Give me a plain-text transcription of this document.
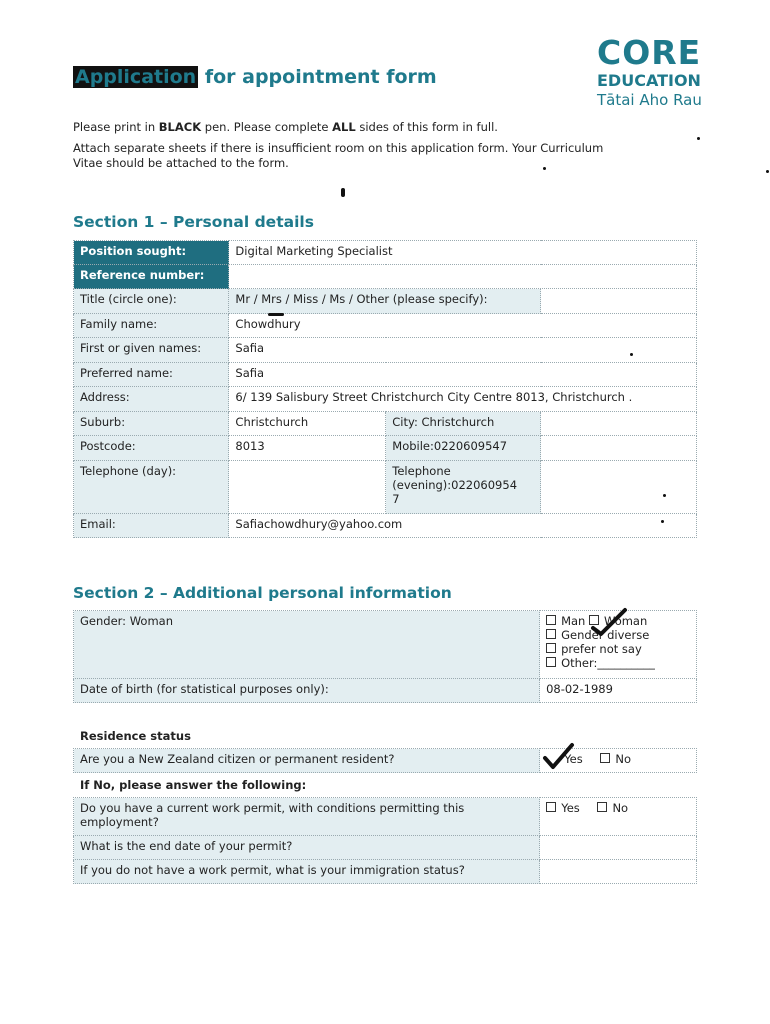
Application for appointment form
CORE
EDUCATION
Tātai Aho Rau
Please print in BLACK pen. Please complete ALL sides of this form in full.
Attach separate sheets if there is insufficient room on this application form. Your Curriculum
Vitae should be attached to the form.
Section 1 – Personal details
Position sought:	Digital Marketing Specialist		
Reference number:			
Title (circle one):	Mr / Mrs / Miss / Ms / Other (please specify):		
Family name:	Chowdhury		
First or given names:	Safia		
Preferred name:	Safia		
Address:	6/ 139 Salisbury Street Christchurch City Centre 8013, Christchurch .		
Suburb:	Christchurch	City: Christchurch	
Postcode:	8013	Mobile:0220609547	
Telephone (day):		Telephone
(evening):022060954
7	
Email:	Safiachowdhury@yahoo.com		
Section 2 – Additional personal information
Gender: Woman	Man Woman
Gender diverse
prefer not say
Other:__________

Date of birth (for statistical purposes only):	08-02-1989
Residence status
Are you a New Zealand citizen or permanent resident?	Yes	No
If No, please answer the following:
Do you have a current work permit, with conditions permitting this employment?	Yes No
What is the end date of your permit?	
If you do not have a work permit, what is your immigration status?	
